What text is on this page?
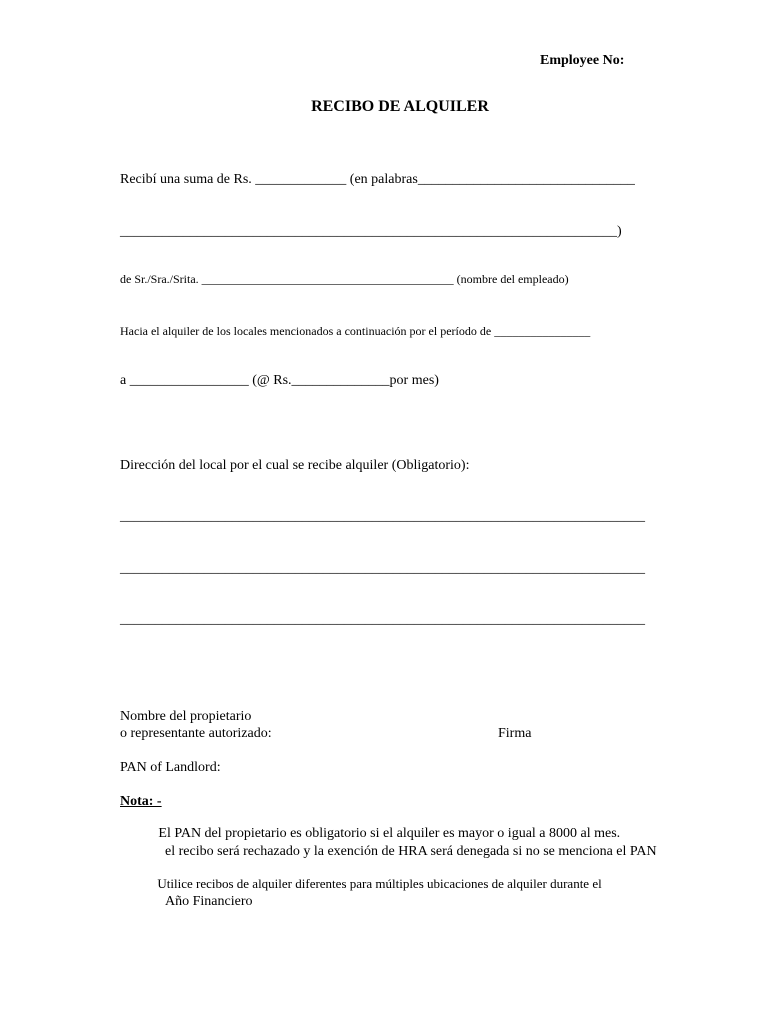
Employee No:
RECIBO DE ALQUILER
Recibí una suma de Rs. _____________ (en palabras_______________________________
_______________________________________________________________________)
de Sr./Sra./Srita. __________________________________________ (nombre del empleado)
Hacia el alquiler de los locales mencionados a continuación por el período de ________________
a _________________ (@ Rs.______________por mes)
Dirección del local por el cual se recibe alquiler (Obligatorio):
___________________________________________________________________________
___________________________________________________________________________
___________________________________________________________________________
Nombre del propietario
o representante autorizado:	Firma
PAN of Landlord:
Nota: -
El PAN del propietario es obligatorio si el alquiler es mayor o igual a 8000 al mes.
el recibo será rechazado y la exención de HRA será denegada si no se menciona el PAN
Utilice recibos de alquiler diferentes para múltiples ubicaciones de alquiler durante el
Año Financiero
